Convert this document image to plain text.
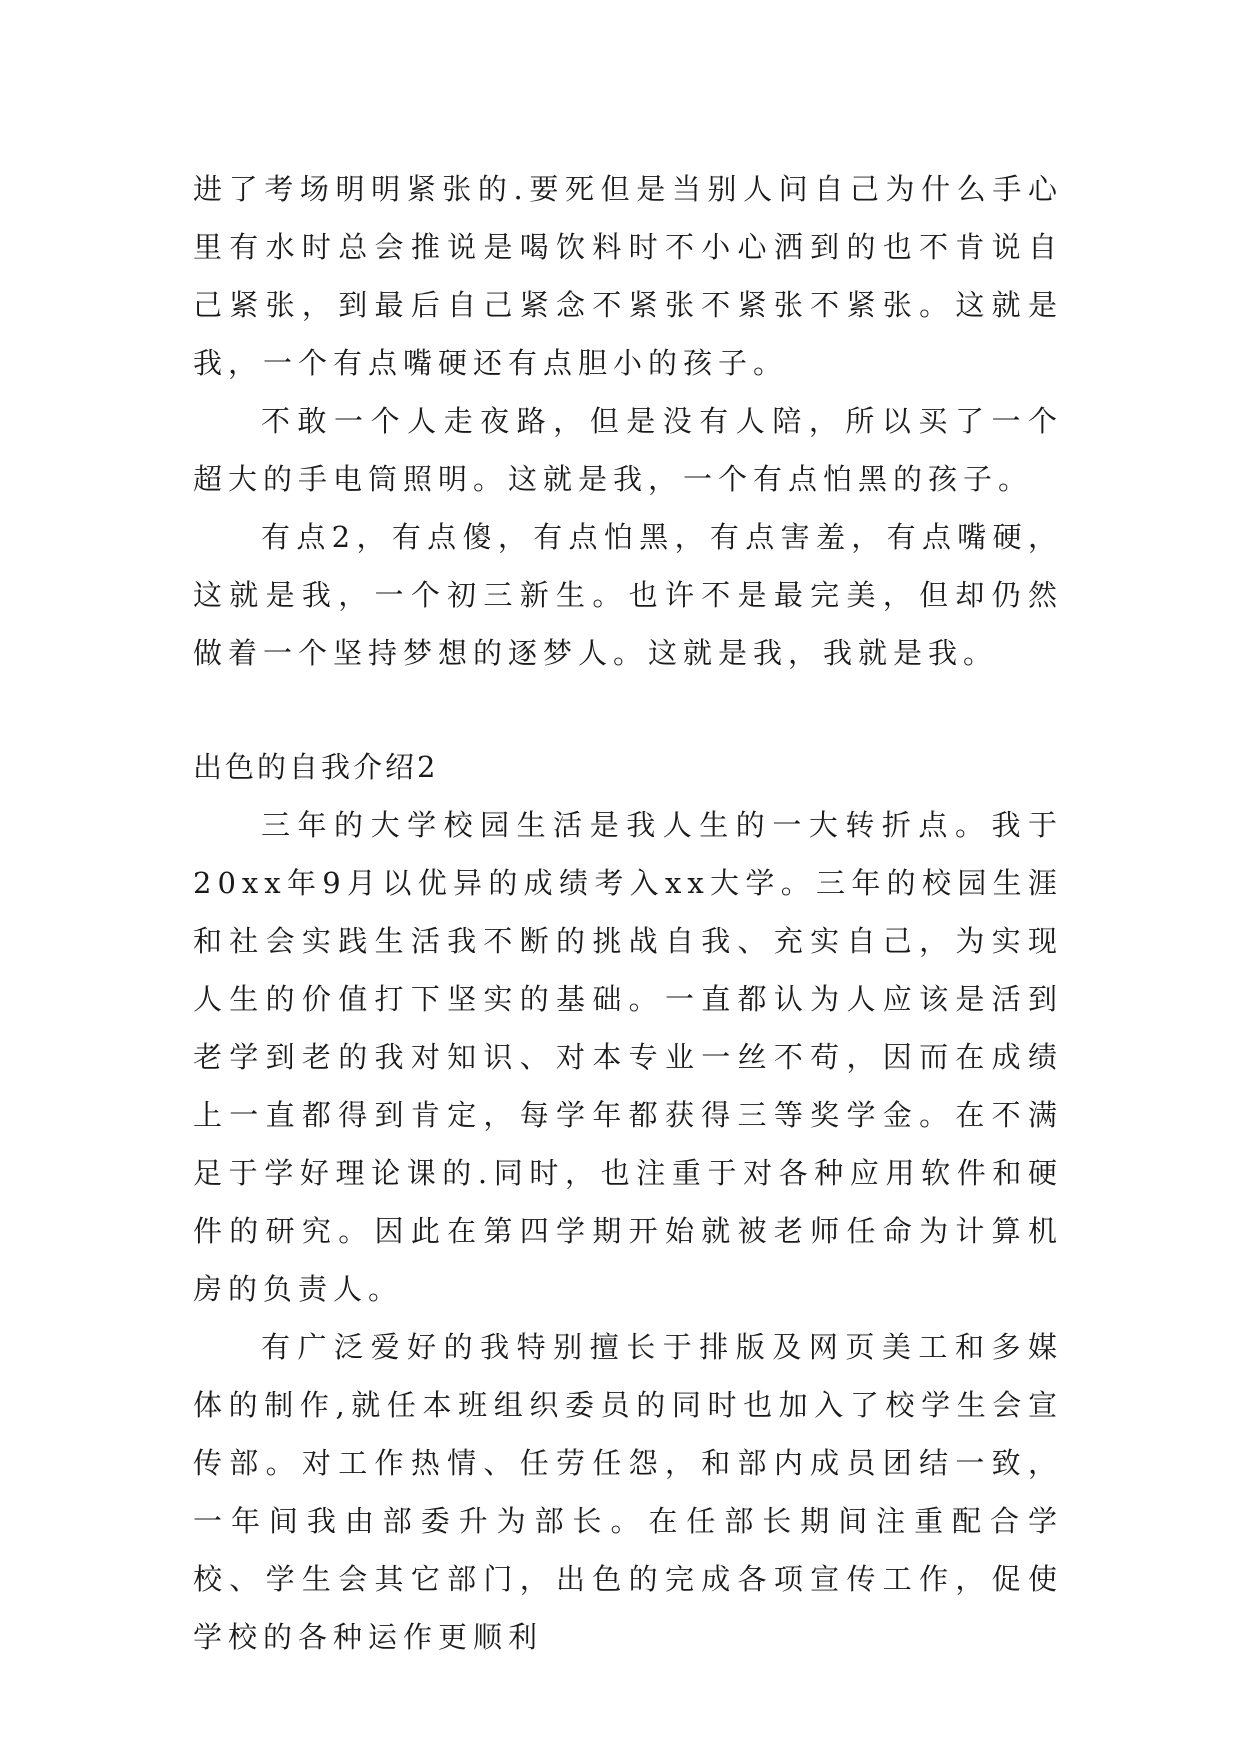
进了考场明明紧张的.要死但是当别人问自己为什么手心里有水时总会推说是喝饮料时不小心洒到的也不肯说自己紧张，到最后自己紧念不紧张不紧张不紧张。这就是我，一个有点嘴硬还有点胆小的孩子。

不敢一个人走夜路，但是没有人陪，所以买了一个超大的手电筒照明。这就是我，一个有点怕黑的孩子。

有点2，有点傻，有点怕黑，有点害羞，有点嘴硬，这就是我，一个初三新生。也许不是最完美，但却仍然做着一个坚持梦想的逐梦人。这就是我，我就是我。

出色的自我介绍2

三年的大学校园生活是我人生的一大转折点。我于20xx年9月以优异的成绩考入xx大学。三年的校园生涯和社会实践生活我不断的挑战自我、充实自己，为实现人生的价值打下坚实的基础。一直都认为人应该是活到老学到老的我对知识、对本专业一丝不苟，因而在成绩上一直都得到肯定，每学年都获得三等奖学金。在不满足于学好理论课的.同时，也注重于对各种应用软件和硬件的研究。因此在第四学期开始就被老师任命为计算机房的负责人。

有广泛爱好的我特别擅长于排版及网页美工和多媒体的制作,就任本班组织委员的同时也加入了校学生会宣传部。对工作热情、任劳任怨，和部内成员团结一致，一年间我由部委升为部长。在任部长期间注重配合学校、学生会其它部门，出色的完成各项宣传工作，促使学校的各种运作更顺利
